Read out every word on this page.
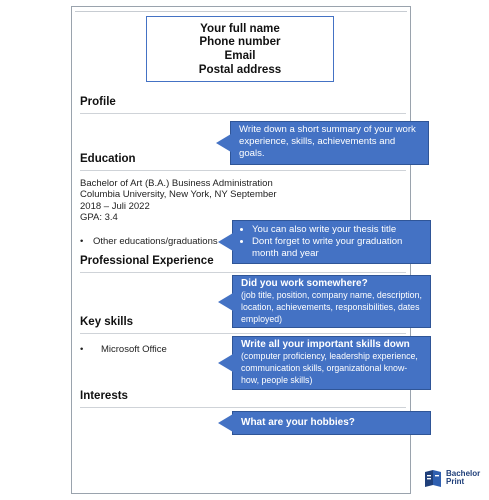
Your full name
Phone number
Email
Postal address
Profile
Education
Bachelor of Art (B.A.) Business Administration
Columbia University, New York, NY September
2018 – Juli 2022
GPA: 3.4
• Other educations/graduations
Professional Experience
Key skills
• Microsoft Office
Interests
Write down a short summary of your work experience, skills, achievements and goals.
• You can also write your thesis title
• Dont forget to write your graduation month and year
Did you work somewhere?
(job title, position, company name, description, location, achievements, responsibilities, dates employed)
Write all your important skills down
(computer proficiency, leadership experience, communication skills, organizational know-how, people skills)
What are your hobbies?
Bachelor
Print
